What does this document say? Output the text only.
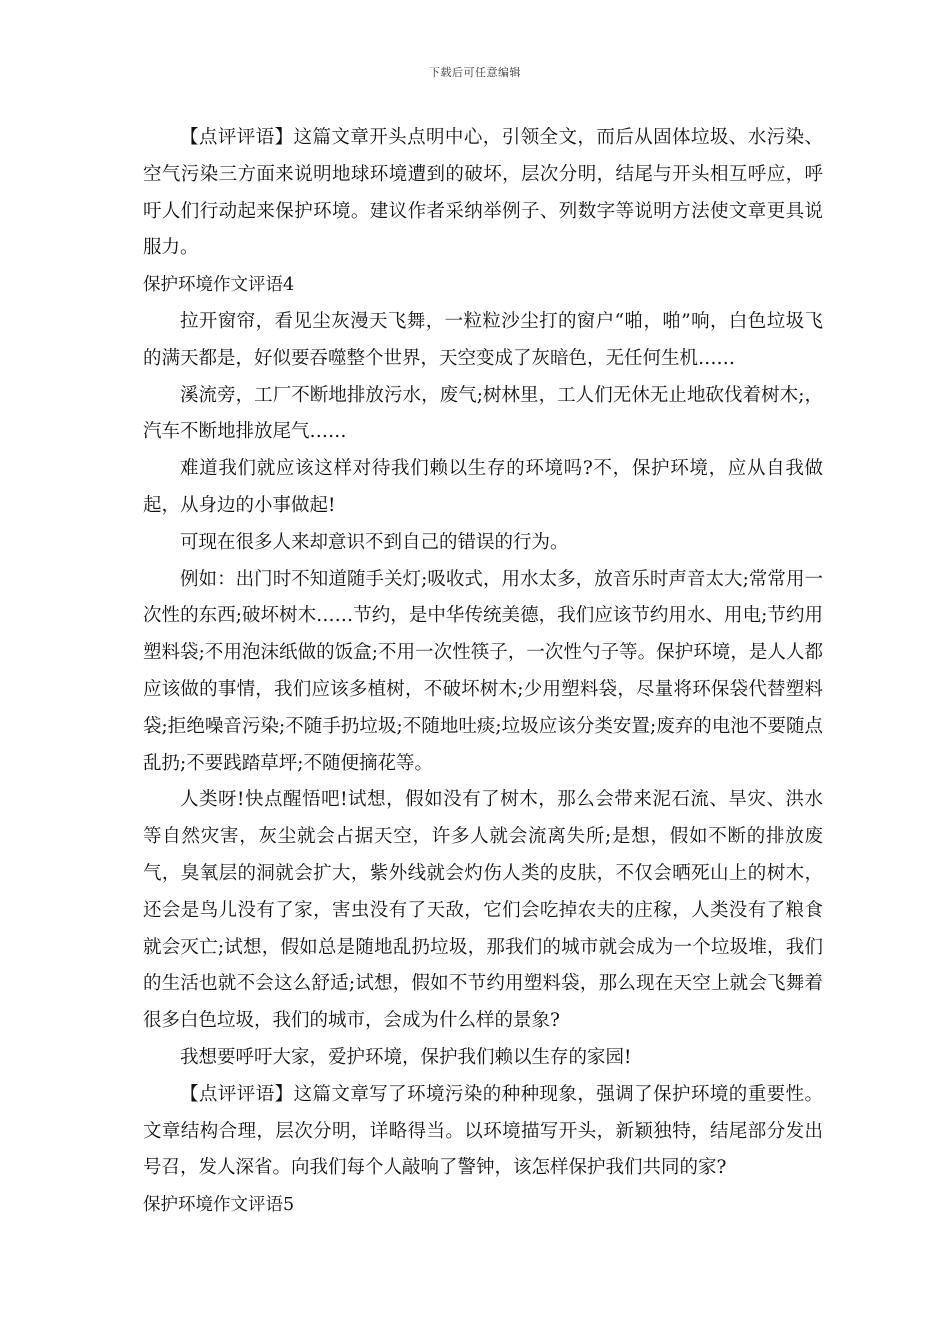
下载后可任意编辑

【点评评语】这篇文章开头点明中心，引领全文，而后从固体垃圾、水污染、空气污染三方面来说明地球环境遭到的破坏，层次分明，结尾与开头相互呼应，呼吁人们行动起来保护环境。建议作者采纳举例子、列数字等说明方法使文章更具说服力。

保护环境作文评语4

拉开窗帘，看见尘灰漫天飞舞，一粒粒沙尘打的窗户“啪，啪”响，白色垃圾飞的满天都是，好似要吞噬整个世界，天空变成了灰暗色，无任何生机……

溪流旁，工厂不断地排放污水，废气;树林里，工人们无休无止地砍伐着树木;，汽车不断地排放尾气……

难道我们就应该这样对待我们赖以生存的环境吗?不，保护环境，应从自我做起，从身边的小事做起!

可现在很多人来却意识不到自己的错误的行为。

例如：出门时不知道随手关灯;吸收式，用水太多，放音乐时声音太大;常常用一次性的东西;破坏树木……节约，是中华传统美德，我们应该节约用水、用电;节约用塑料袋;不用泡沫纸做的饭盒;不用一次性筷子，一次性勺子等。保护环境，是人人都应该做的事情，我们应该多植树，不破坏树木;少用塑料袋，尽量将环保袋代替塑料袋;拒绝噪音污染;不随手扔垃圾;不随地吐痰;垃圾应该分类安置;废弃的电池不要随点乱扔;不要践踏草坪;不随便摘花等。

人类呀!快点醒悟吧!试想，假如没有了树木，那么会带来泥石流、旱灾、洪水等自然灾害，灰尘就会占据天空，许多人就会流离失所;是想，假如不断的排放废气，臭氧层的洞就会扩大，紫外线就会灼伤人类的皮肤，不仅会晒死山上的树木，还会是鸟儿没有了家，害虫没有了天敌，它们会吃掉农夫的庄稼，人类没有了粮食就会灭亡;试想，假如总是随地乱扔垃圾，那我们的城市就会成为一个垃圾堆，我们的生活也就不会这么舒适;试想，假如不节约用塑料袋，那么现在天空上就会飞舞着很多白色垃圾，我们的城市，会成为什么样的景象?

我想要呼吁大家，爱护环境，保护我们赖以生存的家园!

【点评评语】这篇文章写了环境污染的种种现象，强调了保护环境的重要性。文章结构合理，层次分明，详略得当。以环境描写开头，新颖独特，结尾部分发出号召，发人深省。向我们每个人敲响了警钟，该怎样保护我们共同的家?

保护环境作文评语5
